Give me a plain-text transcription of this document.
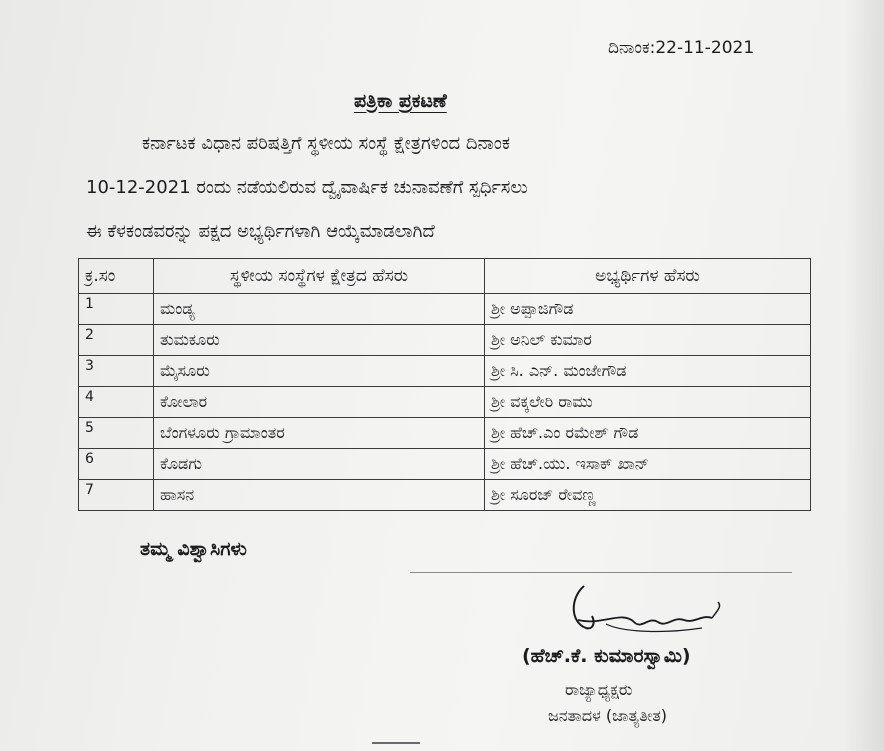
ದಿನಾಂಕ:22-11-2021
ಪತ್ರಿಕಾ ಪ್ರಕಟಣೆ
ಕರ್ನಾಟಕ ವಿಧಾನ ಪರಿಷತ್ತಿಗೆ ಸ್ಥಳೀಯ ಸಂಸ್ಥೆ ಕ್ಷೇತ್ರಗಳಿಂದ ದಿನಾಂಕ
10-12-2021 ರಂದು ನಡೆಯಲಿರುವ ದ್ವೈವಾರ್ಷಿಕ ಚುನಾವಣೆಗೆ ಸ್ಪರ್ಧಿಸಲು
ಈ ಕೆಳಕಂಡವರನ್ನು ಪಕ್ಷದ ಅಭ್ಯರ್ಥಿಗಳಾಗಿ ಆಯ್ಕೆಮಾಡಲಾಗಿದೆ
ಕ್ರ.ಸಂ	ಸ್ಥಳೀಯ ಸಂಸ್ಥೆಗಳ ಕ್ಷೇತ್ರದ ಹೆಸರು	ಅಭ್ಯರ್ಥಿಗಳ ಹೆಸರು
1	ಮಂಡ್ಯ	ಶ್ರೀ ಅಪ್ಪಾಜಿಗೌಡ
2	ತುಮಕೂರು	ಶ್ರೀ ಅನಿಲ್ ಕುಮಾರ
3	ಮೈಸೂರು	ಶ್ರೀ ಸಿ. ಎನ್. ಮಂಜೇಗೌಡ
4	ಕೋಲಾರ	ಶ್ರೀ ವಕ್ಕಲೇರಿ ರಾಮು
5	ಬೆಂಗಳೂರು ಗ್ರಾಮಾಂತರ	ಶ್ರೀ ಹೆಚ್.ಎಂ ರಮೇಶ್ ಗೌಡ
6	ಕೊಡಗು	ಶ್ರೀ ಹೆಚ್.ಯು. ಇಸಾಕ್ ಖಾನ್
7	ಹಾಸನ	ಶ್ರೀ ಸೂರಜ್ ರೇವಣ್ಣ
ತಮ್ಮ ವಿಶ್ವಾಸಿಗಳು
(ಹೆಚ್.ಕೆ. ಕುಮಾರಸ್ವಾಮಿ)
ರಾಜ್ಯಾಧ್ಯಕ್ಷರು
ಜನತಾದಳ (ಜಾತ್ಯತೀತ)
